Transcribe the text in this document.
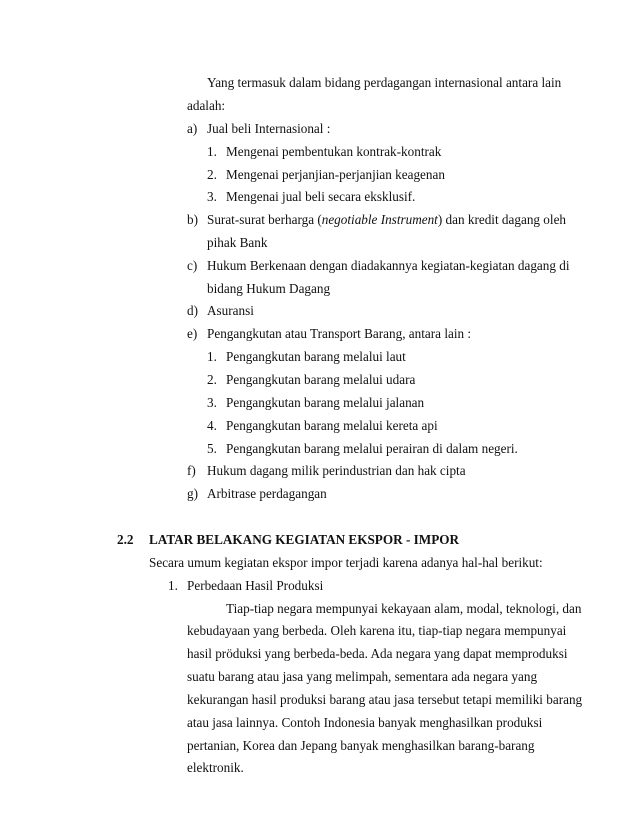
Yang termasuk dalam bidang perdagangan internasional antara lain
adalah:
a) Jual beli Internasional :
1. Mengenai pembentukan kontrak-kontrak
2. Mengenai perjanjian-perjanjian keagenan
3. Mengenai jual beli secara eksklusif.
b) Surat-surat berharga (negotiable Instrument) dan kredit dagang oleh
pihak Bank
c) Hukum Berkenaan dengan diadakannya kegiatan-kegiatan dagang di
bidang Hukum Dagang
d) Asuransi
e) Pengangkutan atau Transport Barang, antara lain :
1. Pengangkutan barang melalui laut
2. Pengangkutan barang melalui udara
3. Pengangkutan barang melalui jalanan
4. Pengangkutan barang melalui kereta api
5. Pengangkutan barang melalui perairan di dalam negeri.
f) Hukum dagang milik perindustrian dan hak cipta
g) Arbitrase perdagangan
2.2 LATAR BELAKANG KEGIATAN EKSPOR - IMPOR
Secara umum kegiatan ekspor impor terjadi karena adanya hal-hal berikut:
1. Perbedaan Hasil Produksi
Tiap-tiap negara mempunyai kekayaan alam, modal, teknologi, dan
kebudayaan yang berbeda. Oleh karena itu, tiap-tiap negara mempunyai
hasil pröduksi yang berbeda-beda. Ada negara yang dapat memproduksi
suatu barang atau jasa yang melimpah, sementara ada negara yang
kekurangan hasil produksi barang atau jasa tersebut tetapi memiliki barang
atau jasa lainnya. Contoh Indonesia banyak menghasilkan produksi
pertanian, Korea dan Jepang banyak menghasilkan barang-barang
elektronik.
